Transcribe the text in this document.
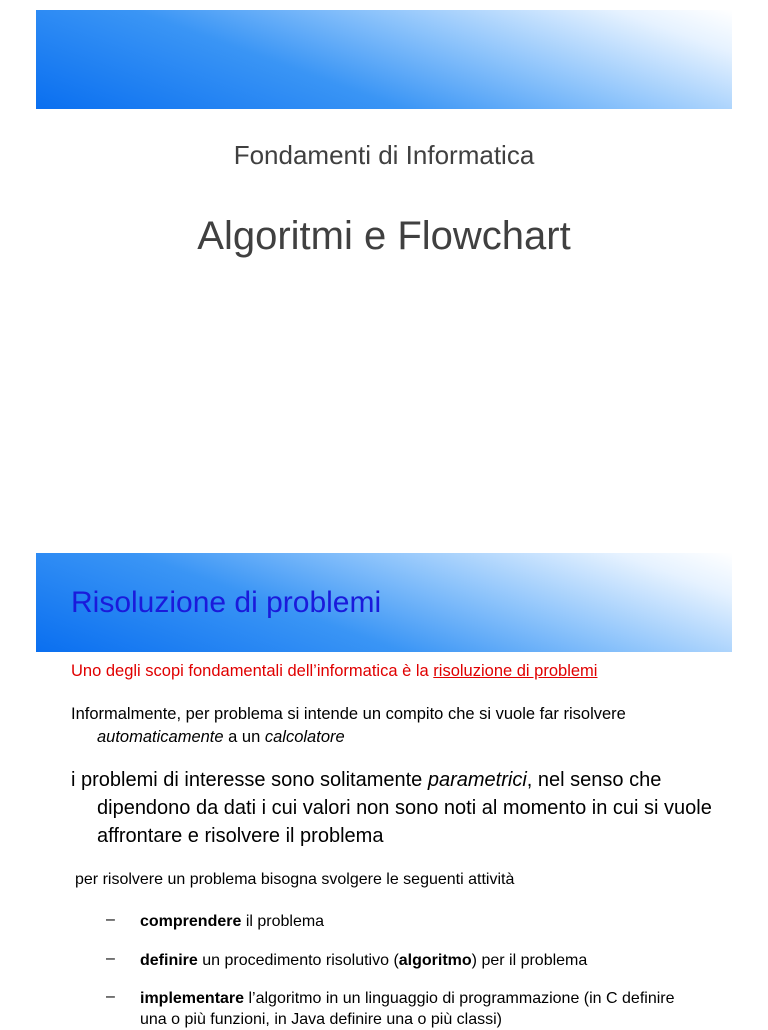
Fondamenti di Informatica
Algoritmi e Flowchart
Risoluzione di problemi
Uno degli scopi fondamentali dell’informatica è la risoluzione di problemi
Informalmente, per problema si intende un compito che si vuole far risolvere
automaticamente a un calcolatore
i problemi di interesse sono solitamente parametrici, nel senso che dipendono da dati i cui valori non sono noti al momento in cui si vuole affrontare e risolvere il problema
per risolvere un problema bisogna svolgere le seguenti attività
– comprendere il problema
– definire un procedimento risolutivo (algoritmo) per il problema
– implementare l’algoritmo in un linguaggio di programmazione (in C definire una o più funzioni, in Java definire una o più classi)
